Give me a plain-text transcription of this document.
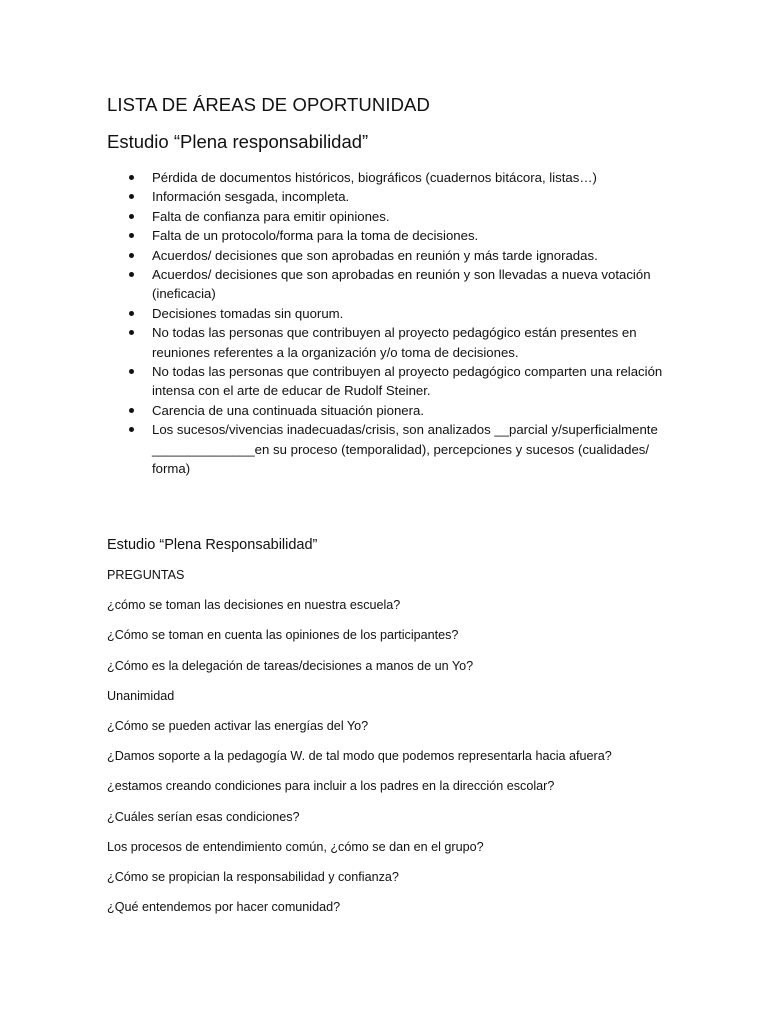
LISTA DE ÁREAS DE OPORTUNIDAD
Estudio “Plena responsabilidad”
Pérdida de documentos históricos, biográficos (cuadernos bitácora, listas…)
Información sesgada, incompleta.
Falta de confianza para emitir opiniones.
Falta de un protocolo/forma para la toma de decisiones.
Acuerdos/ decisiones que son aprobadas en reunión y más tarde ignoradas.
Acuerdos/ decisiones que son aprobadas en reunión y son llevadas a nueva votación (ineficacia)
Decisiones tomadas sin quorum.
No todas las personas que contribuyen al proyecto pedagógico están presentes en reuniones referentes a la organización y/o toma de decisiones.
No todas las personas que contribuyen al proyecto pedagógico comparten una relación intensa con el arte de educar de Rudolf Steiner.
Carencia de una continuada situación pionera.
Los sucesos/vivencias inadecuadas/crisis, son analizados __parcial y/superficialmente ______________en su proceso (temporalidad), percepciones y sucesos (cualidades/ forma)
Estudio “Plena Responsabilidad”

PREGUNTAS

¿cómo se toman las decisiones en nuestra escuela?

¿Cómo se toman en cuenta las opiniones de los participantes?

¿Cómo es la delegación de tareas/decisiones a manos de un Yo?

Unanimidad

¿Cómo se pueden activar las energías del Yo?

¿Damos soporte a la pedagogía W. de tal modo que podemos representarla hacia afuera?

¿estamos creando condiciones para incluir a los padres en la dirección escolar?

¿Cuáles serían esas condiciones?

Los procesos de entendimiento común, ¿cómo se dan en el grupo?

¿Cómo se propician la responsabilidad y confianza?

¿Qué entendemos por hacer comunidad?
